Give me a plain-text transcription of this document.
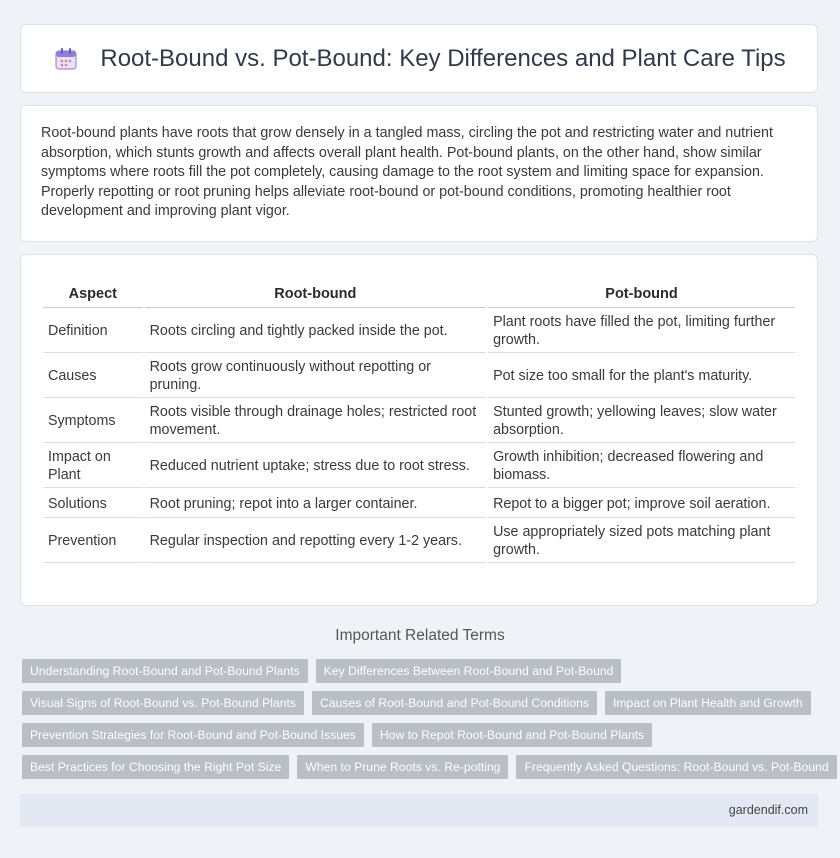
Root-Bound vs. Pot-Bound: Key Differences and Plant Care Tips

Root-bound plants have roots that grow densely in a tangled mass, circling the pot and restricting water and nutrient absorption, which stunts growth and affects overall plant health. Pot-bound plants, on the other hand, show similar symptoms where roots fill the pot completely, causing damage to the root system and limiting space for expansion. Properly repotting or root pruning helps alleviate root-bound or pot-bound conditions, promoting healthier root development and improving plant vigor.

Aspect	Root-bound	Pot-bound
Definition	Roots circling and tightly packed inside the pot.	Plant roots have filled the pot, limiting further growth.
Causes	Roots grow continuously without repotting or pruning.	Pot size too small for the plant's maturity.
Symptoms	Roots visible through drainage holes; restricted root movement.	Stunted growth; yellowing leaves; slow water absorption.
Impact on Plant	Reduced nutrient uptake; stress due to root stress.	Growth inhibition; decreased flowering and biomass.
Solutions	Root pruning; repot into a larger container.	Repot to a bigger pot; improve soil aeration.
Prevention	Regular inspection and repotting every 1-2 years.	Use appropriately sized pots matching plant growth.
Important Related Terms
Understanding Root-Bound and Pot-Bound Plants	Key Differences Between Root-Bound and Pot-Bound
Visual Signs of Root-Bound vs. Pot-Bound Plants	Causes of Root-Bound and Pot-Bound Conditions	Impact on Plant Health and Growth
Prevention Strategies for Root-Bound and Pot-Bound Issues	How to Repot Root-Bound and Pot-Bound Plants
Best Practices for Choosing the Right Pot Size	When to Prune Roots vs. Re-potting	Frequently Asked Questions: Root-Bound vs. Pot-Bound
gardendif.com
